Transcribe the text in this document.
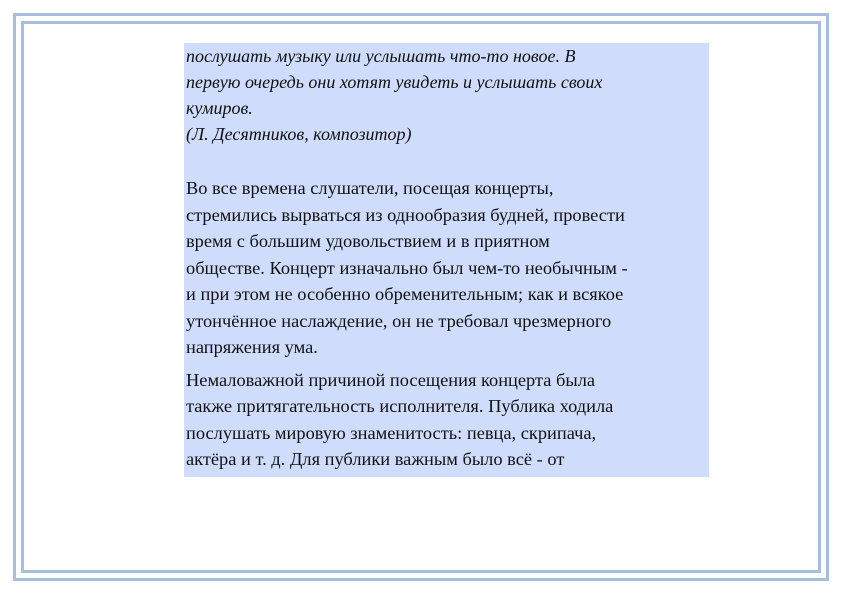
послушать музыку или услышать что-то новое. В
первую очередь они хотят увидеть и услышать своих
кумиров.
(Л. Десятников, композитор)

Во все времена слушатели, посещая концерты,
стремились вырваться из однообразия будней, провести
время с большим удовольствием и в приятном
обществе. Концерт изначально был чем-то необычным -
и при этом не особенно обременительным; как и всякое
утончённое наслаждение, он не требовал чрезмерного
напряжения ума.

Немаловажной причиной посещения концерта была
также притягательность исполнителя. Публика ходила
послушать мировую знаменитость: певца, скрипача,
актёра и т. д. Для публики важным было всё - от
